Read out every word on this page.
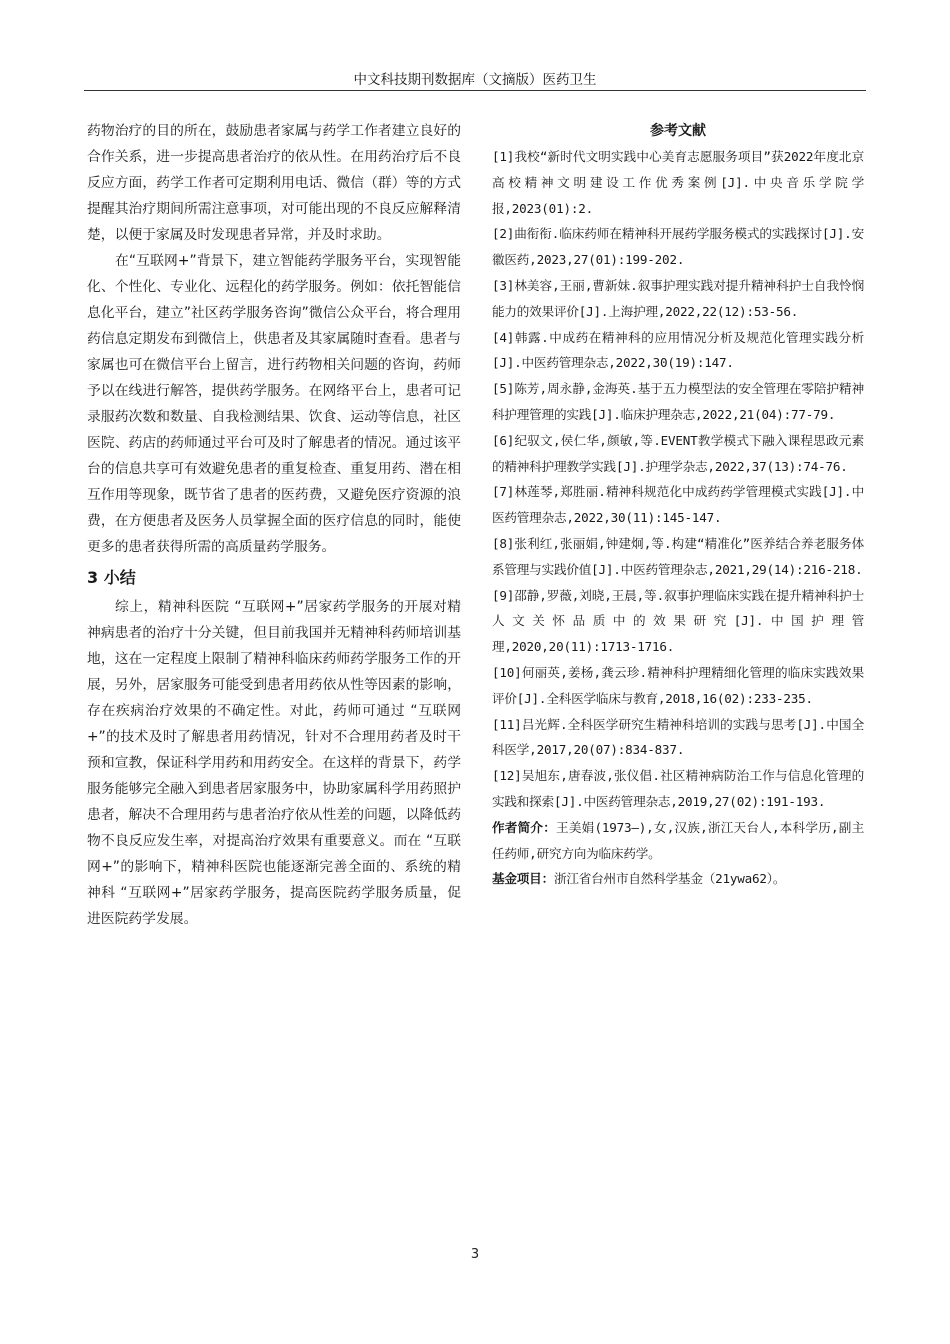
中文科技期刊数据库（文摘版）医药卫生

药物治疗的目的所在，鼓励患者家属与药学工作者建立良好的合作关系，进一步提高患者治疗的依从性。在用药治疗后不良反应方面，药学工作者可定期利用电话、微信（群）等的方式提醒其治疗期间所需注意事项，对可能出现的不良反应解释清楚，以便于家属及时发现患者异常，并及时求助。

在“互联网+”背景下，建立智能药学服务平台，实现智能化、个性化、专业化、远程化的药学服务。例如：依托智能信息化平台，建立”社区药学服务咨询”微信公众平台，将合理用药信息定期发布到微信上，供患者及其家属随时查看。患者与家属也可在微信平台上留言，进行药物相关问题的咨询，药师予以在线进行解答，提供药学服务。在网络平台上，患者可记录服药次数和数量、自我检测结果、饮食、运动等信息，社区医院、药店的药师通过平台可及时了解患者的情况。通过该平台的信息共享可有效避免患者的重复检查、重复用药、潜在相互作用等现象，既节省了患者的医药费，又避免医疗资源的浪费，在方便患者及医务人员掌握全面的医疗信息的同时，能使更多的患者获得所需的高质量药学服务。

3 小结

综上，精神科医院 “互联网+”居家药学服务的开展对精神病患者的治疗十分关键，但目前我国并无精神科药师培训基地，这在一定程度上限制了精神科临床药师药学服务工作的开展，另外，居家服务可能受到患者用药依从性等因素的影响，存在疾病治疗效果的不确定性。对此，药师可通过 “互联网+”的技术及时了解患者用药情况，针对不合理用药者及时干预和宣教，保证科学用药和用药安全。在这样的背景下，药学服务能够完全融入到患者居家服务中，协助家属科学用药照护患者，解决不合理用药与患者治疗依从性差的问题，以降低药物不良反应发生率，对提高治疗效果有重要意义。而在 “互联网+”的影响下，精神科医院也能逐渐完善全面的、系统的精神科 “互联网+”居家药学服务，提高医院药学服务质量，促进医院药学发展。

参考文献

[1]我校“新时代文明实践中心美育志愿服务项目”获2022年度北京高校精神文明建设工作优秀案例[J].中央音乐学院学报,2023(01):2.

[2]曲衔衔.临床药师在精神科开展药学服务模式的实践探讨[J].安徽医药,2023,27(01):199-202.

[3]林美容,王丽,曹新妹.叙事护理实践对提升精神科护士自我怜悯能力的效果评价[J].上海护理,2022,22(12):53-56.

[4]韩露.中成药在精神科的应用情况分析及规范化管理实践分析[J].中医药管理杂志,2022,30(19):147.

[5]陈芳,周永静,金海英.基于五力模型法的安全管理在零陪护精神科护理管理的实践[J].临床护理杂志,2022,21(04):77-79.

[6]纪驭文,侯仁华,颜敏,等.EVENT教学模式下融入课程思政元素的精神科护理教学实践[J].护理学杂志,2022,37(13):74-76.

[7]林莲琴,郑胜丽.精神科规范化中成药药学管理模式实践[J].中医药管理杂志,2022,30(11):145-147.

[8]张利红,张丽娟,钟建炯,等.构建“精准化”医养结合养老服务体系管理与实践价值[J].中医药管理杂志,2021,29(14):216-218.

[9]邵静,罗薇,刘晓,王晨,等.叙事护理临床实践在提升精神科护士人文关怀品质中的效果研究[J].中国护理管理,2020,20(11):1713-1716.

[10]何丽英,姜杨,龚云珍.精神科护理精细化管理的临床实践效果评价[J].全科医学临床与教育,2018,16(02):233-235.

[11]吕光辉.全科医学研究生精神科培训的实践与思考[J].中国全科医学,2017,20(07):834-837.

[12]吴旭东,唐春波,张仪倡.社区精神病防治工作与信息化管理的实践和探索[J].中医药管理杂志,2019,27(02):191-193.

作者简介：王美娟(1973—),女,汉族,浙江天台人,本科学历,副主任药师,研究方向为临床药学。

基金项目：浙江省台州市自然科学基金（21ywa62）。

3
